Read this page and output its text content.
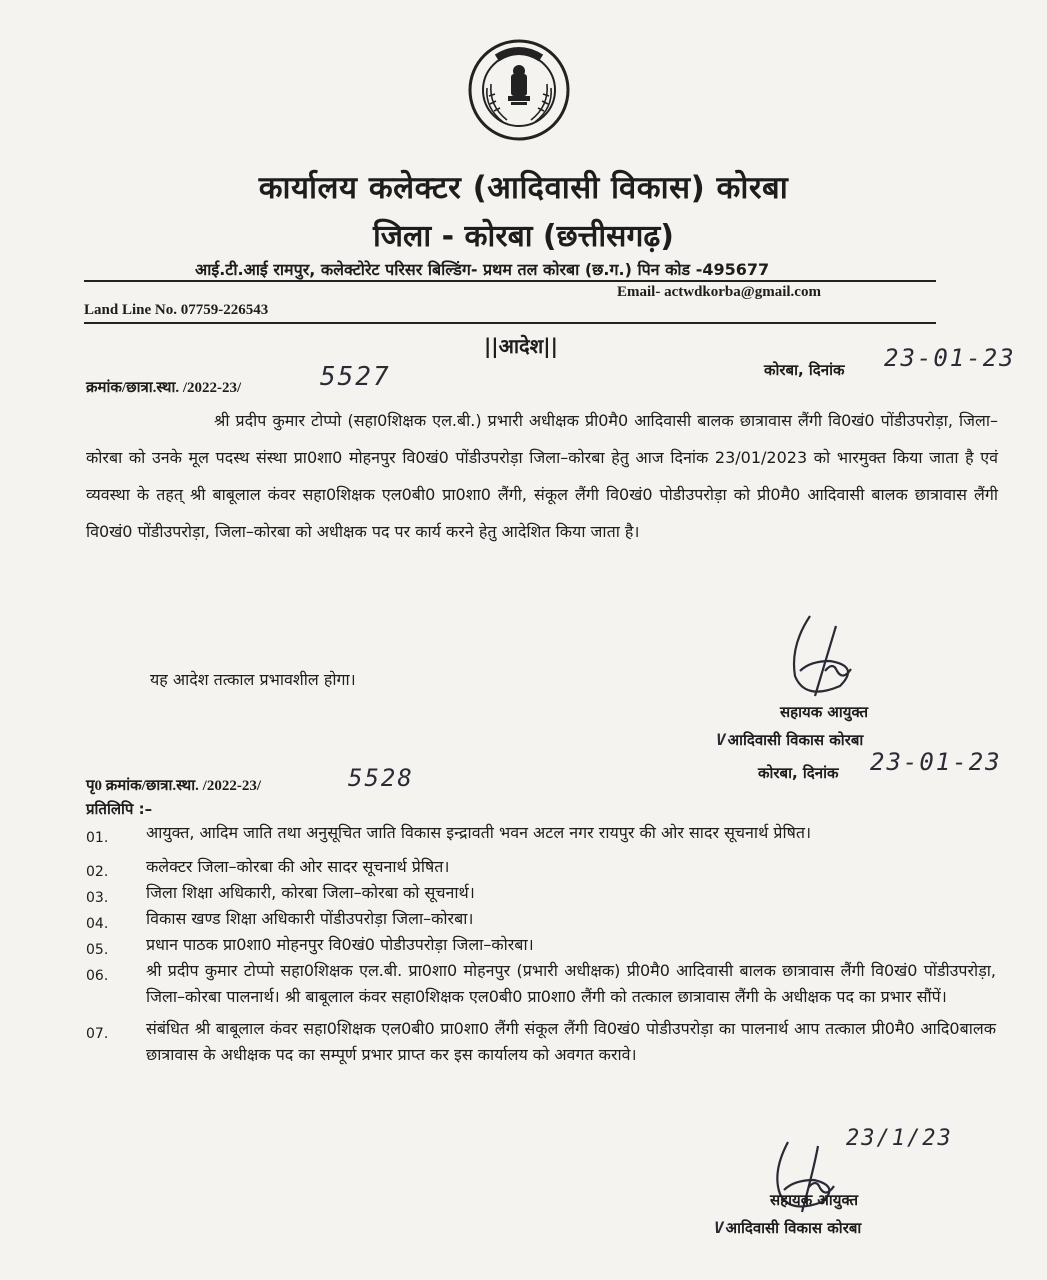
कार्यालय कलेक्टर (आदिवासी विकास) कोरबा
जिला - कोरबा (छत्तीसगढ़)
आई.टी.आई रामपुर, कलेक्टोरेट परिसर बिल्डिंग- प्रथम तल कोरबा (छ.ग.) पिन कोड -495677
Email- actwdkorba@gmail.com
Land Line No. 07759-226543
||आदेश||
क्रमांक/छात्रा.स्था. /2022-23/	5527	कोरबा, दिनांक 23-01-23
श्री प्रदीप कुमार टोप्पो (सहा0शिक्षक एल.बी.) प्रभारी अधीक्षक प्री0मै0 आदिवासी बालक छात्रावास लैंगी वि0खं0 पोंडीउपरोड़ा, जिला–कोरबा को उनके मूल पदस्थ संस्था प्रा0शा0 मोहनपुर वि0खं0 पोंडीउपरोड़ा जिला–कोरबा हेतु आज दिनांक 23/01/2023 को भारमुक्त किया जाता है एवं व्यवस्था के तहत् श्री बाबूलाल कंवर सहा0शिक्षक एल0बी0 प्रा0शा0 लैंगी, संकूल लैंगी वि0खं0 पोडीउपरोड़ा को प्री0मै0 आदिवासी बालक छात्रावास लैंगी वि0खं0 पोंडीउपरोड़ा, जिला–कोरबा को अधीक्षक पद पर कार्य करने हेतु आदेशित किया जाता है।
यह आदेश तत्काल प्रभावशील होगा।
सहायक आयुक्त
Vआदिवासी विकास कोरबा
पृ0 क्रमांक/छात्रा.स्था. /2022-23/	5528	कोरबा, दिनांक 23-01-23
प्रतिलिपि :–
01.	आयुक्त, आदिम जाति तथा अनुसूचित जाति विकास इन्द्रावती भवन अटल नगर रायपुर की ओर सादर सूचनार्थ प्रेषित।
02.	कलेक्टर जिला–कोरबा की ओर सादर सूचनार्थ प्रेषित।
03.	जिला शिक्षा अधिकारी, कोरबा जिला–कोरबा को सूचनार्थ।
04.	विकास खण्ड शिक्षा अधिकारी पोंडीउपरोड़ा जिला–कोरबा।
05.	प्रधान पाठक प्रा0शा0 मोहनपुर वि0खं0 पोडीउपरोड़ा जिला–कोरबा।
06.	श्री प्रदीप कुमार टोप्पो सहा0शिक्षक एल.बी. प्रा0शा0 मोहनपुर (प्रभारी अधीक्षक) प्री0मै0 आदिवासी बालक छात्रावास लैंगी वि0खं0 पोंडीउपरोड़ा, जिला–कोरबा पालनार्थ। श्री बाबूलाल कंवर सहा0शिक्षक एल0बी0 प्रा0शा0 लैंगी को तत्काल छात्रावास लैंगी के अधीक्षक पद का प्रभार सौंपें।
07.	संबंधित श्री बाबूलाल कंवर सहा0शिक्षक एल0बी0 प्रा0शा0 लैंगी संकूल लैंगी वि0खं0 पोडीउपरोड़ा का पालनार्थ आप तत्काल प्री0मै0 आदि0बालक छात्रावास के अधीक्षक पद का सम्पूर्ण प्रभार प्राप्त कर इस कार्यालय को अवगत करावे।
23/1/23
सहायक आयुक्त
Vआदिवासी विकास कोरबा
